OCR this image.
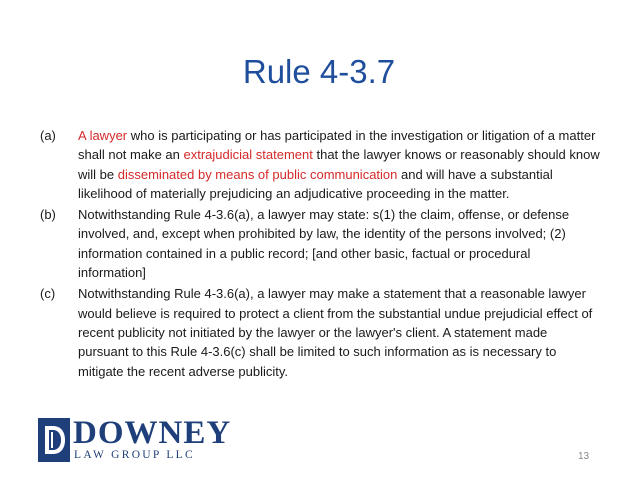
Rule 4-3.7
(a)	A lawyer who is participating or has participated in the investigation or litigation of a matter shall not make an extrajudicial statement that the lawyer knows or reasonably should know will be disseminated by means of public communication and will have a substantial likelihood of materially prejudicing an adjudicative proceeding in the matter.
(b)	Notwithstanding Rule 4-3.6(a), a lawyer may state: s(1) the claim, offense, or defense involved, and, except when prohibited by law, the identity of the persons involved; (2) information contained in a public record; [and other basic, factual or procedural information]
(c)	Notwithstanding Rule 4-3.6(a), a lawyer may make a statement that a reasonable lawyer would believe is required to protect a client from the substantial undue prejudicial effect of recent publicity not initiated by the lawyer or the lawyer's client. A statement made pursuant to this Rule 4-3.6(c) shall be limited to such information as is necessary to mitigate the recent adverse publicity.
DOWNEY
LAW GROUP LLC	13
